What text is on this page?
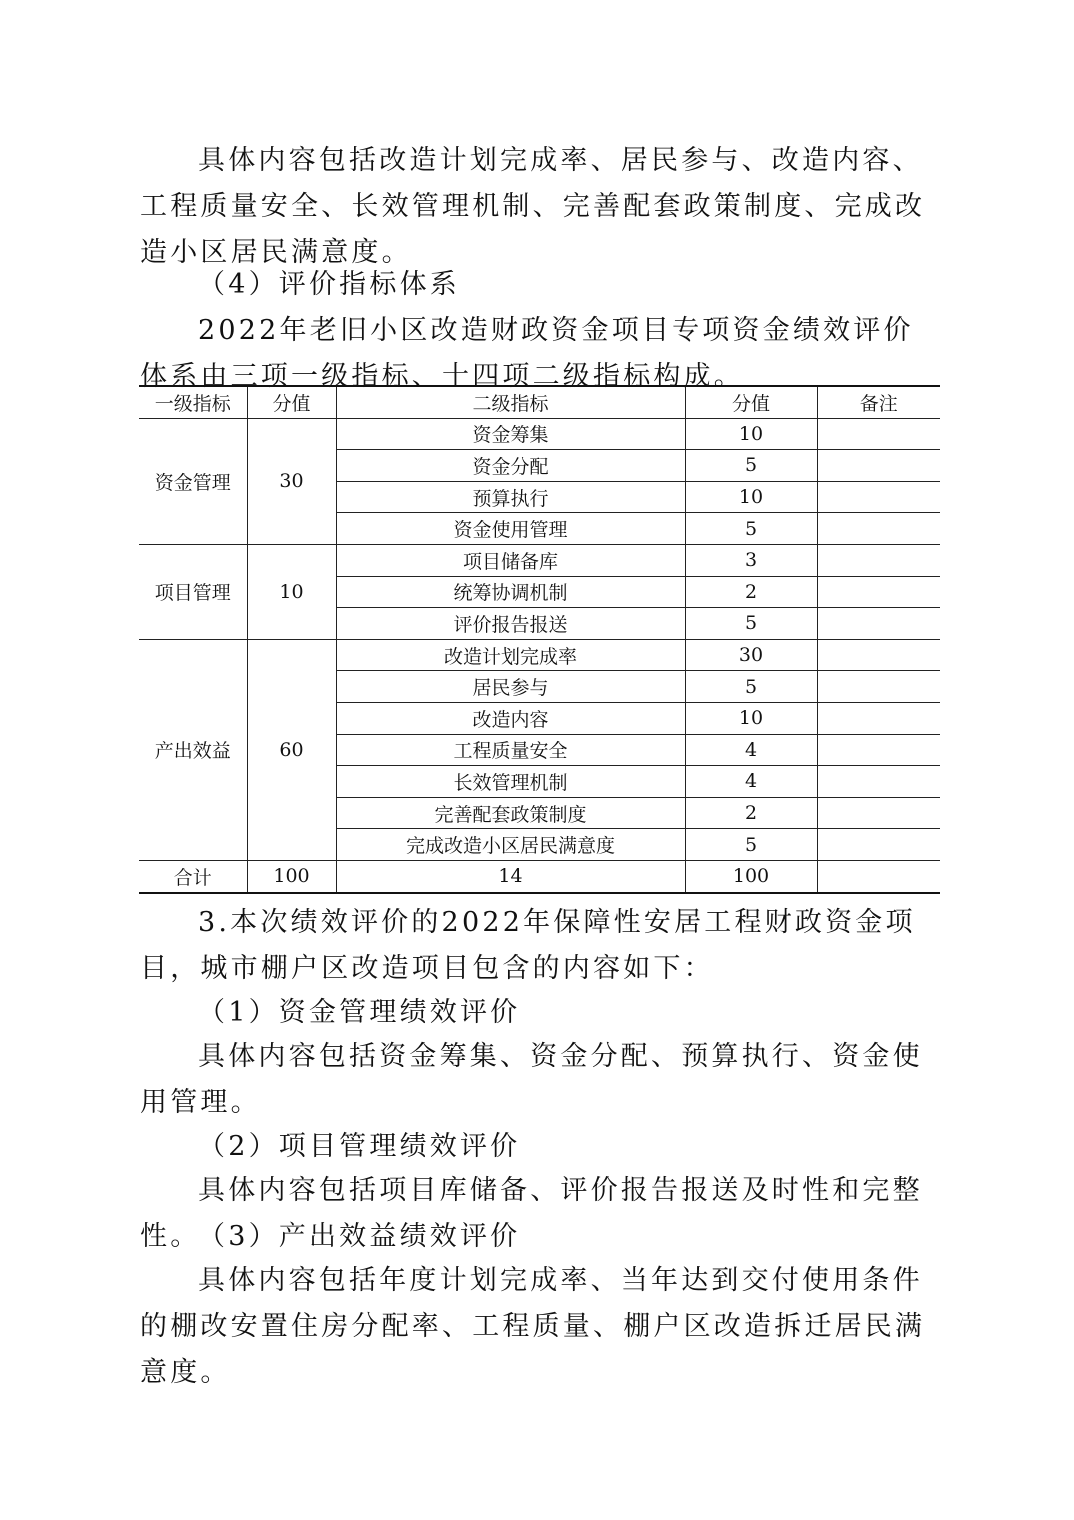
具体内容包括改造计划完成率、居民参与、改造内容、工程质量安全、长效管理机制、完善配套政策制度、完成改造小区居民满意度。

（4）评价指标体系

2022年老旧小区改造财政资金项目专项资金绩效评价体系由三项一级指标、十四项二级指标构成。

一级指标	分值	二级指标	分值	备注
资金管理	30	资金筹集	10	
		资金分配	5	
		预算执行	10	
		资金使用管理	5	
项目管理	10	项目储备库	3	
		统筹协调机制	2	
		评价报告报送	5	
产出效益	60	改造计划完成率	30	
		居民参与	5	
		改造内容	10	
		工程质量安全	4	
		长效管理机制	4	
		完善配套政策制度	2	
		完成改造小区居民满意度	5	
合计	100	14	100	

3.本次绩效评价的2022年保障性安居工程财政资金项目，城市棚户区改造项目包含的内容如下：

（1）资金管理绩效评价

具体内容包括资金筹集、资金分配、预算执行、资金使用管理。

（2）项目管理绩效评价

具体内容包括项目库储备、评价报告报送及时性和完整性。

（3）产出效益绩效评价

具体内容包括年度计划完成率、当年达到交付使用条件的棚改安置住房分配率、工程质量、棚户区改造拆迁居民满意度。
